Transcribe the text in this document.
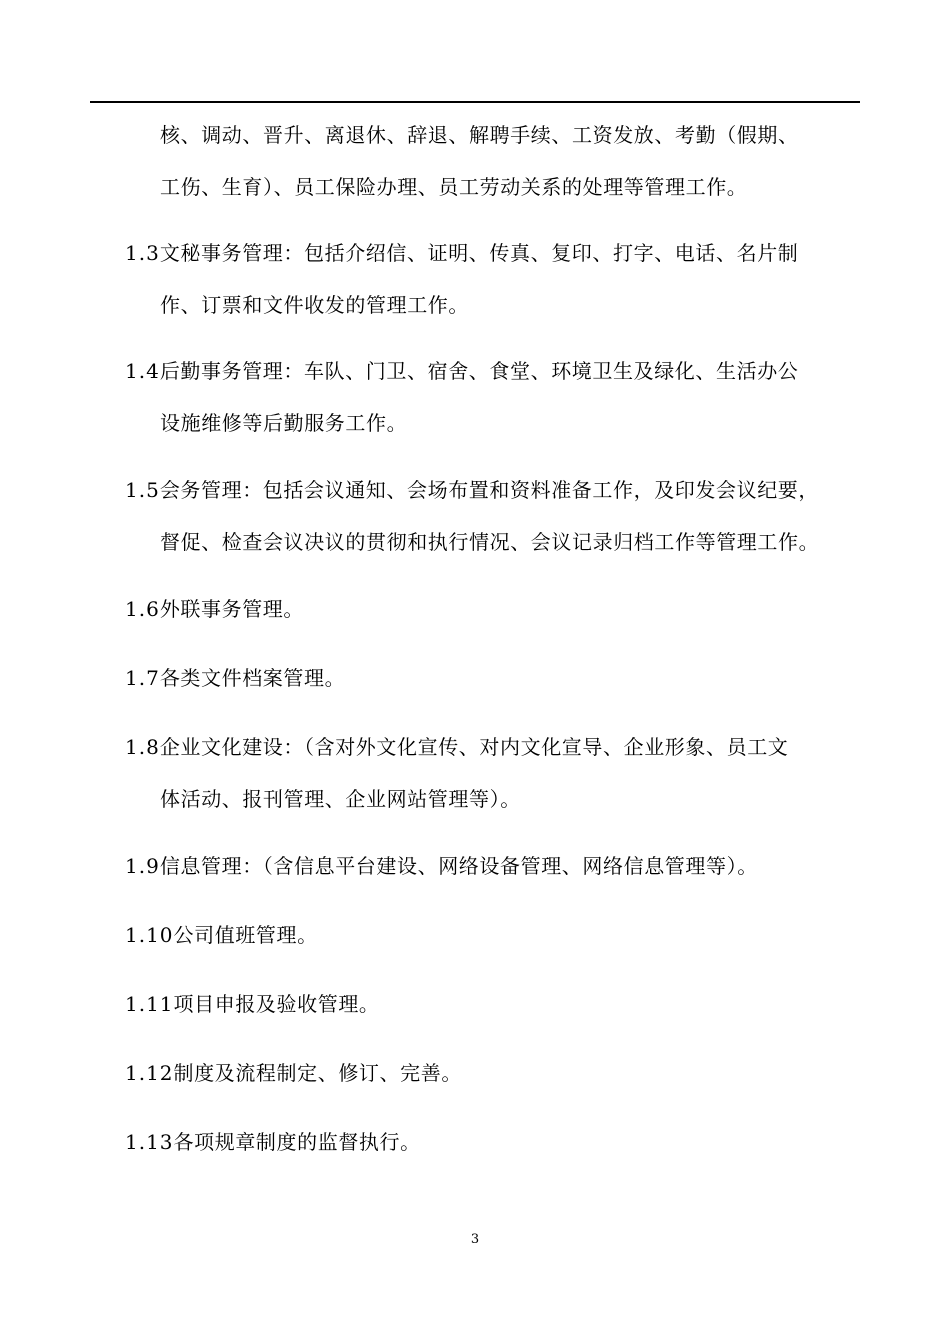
核、调动、晋升、离退休、辞退、解聘手续、工资发放、考勤（假期、
工伤、生育）、员工保险办理、员工劳动关系的处理等管理工作。
1.3文秘事务管理：包括介绍信、证明、传真、复印、打字、电话、名片制
作、订票和文件收发的管理工作。
1.4后勤事务管理：车队、门卫、宿舍、食堂、环境卫生及绿化、生活办公
设施维修等后勤服务工作。
1.5会务管理：包括会议通知、会场布置和资料准备工作，及印发会议纪要，
督促、检查会议决议的贯彻和执行情况、会议记录归档工作等管理工作。
1.6外联事务管理。
1.7各类文件档案管理。
1.8企业文化建设：（含对外文化宣传、对内文化宣导、企业形象、员工文
体活动、报刊管理、企业网站管理等）。
1.9信息管理：（含信息平台建设、网络设备管理、网络信息管理等）。
1.10公司值班管理。
1.11项目申报及验收管理。
1.12制度及流程制定、修订、完善。
1.13各项规章制度的监督执行。
3
